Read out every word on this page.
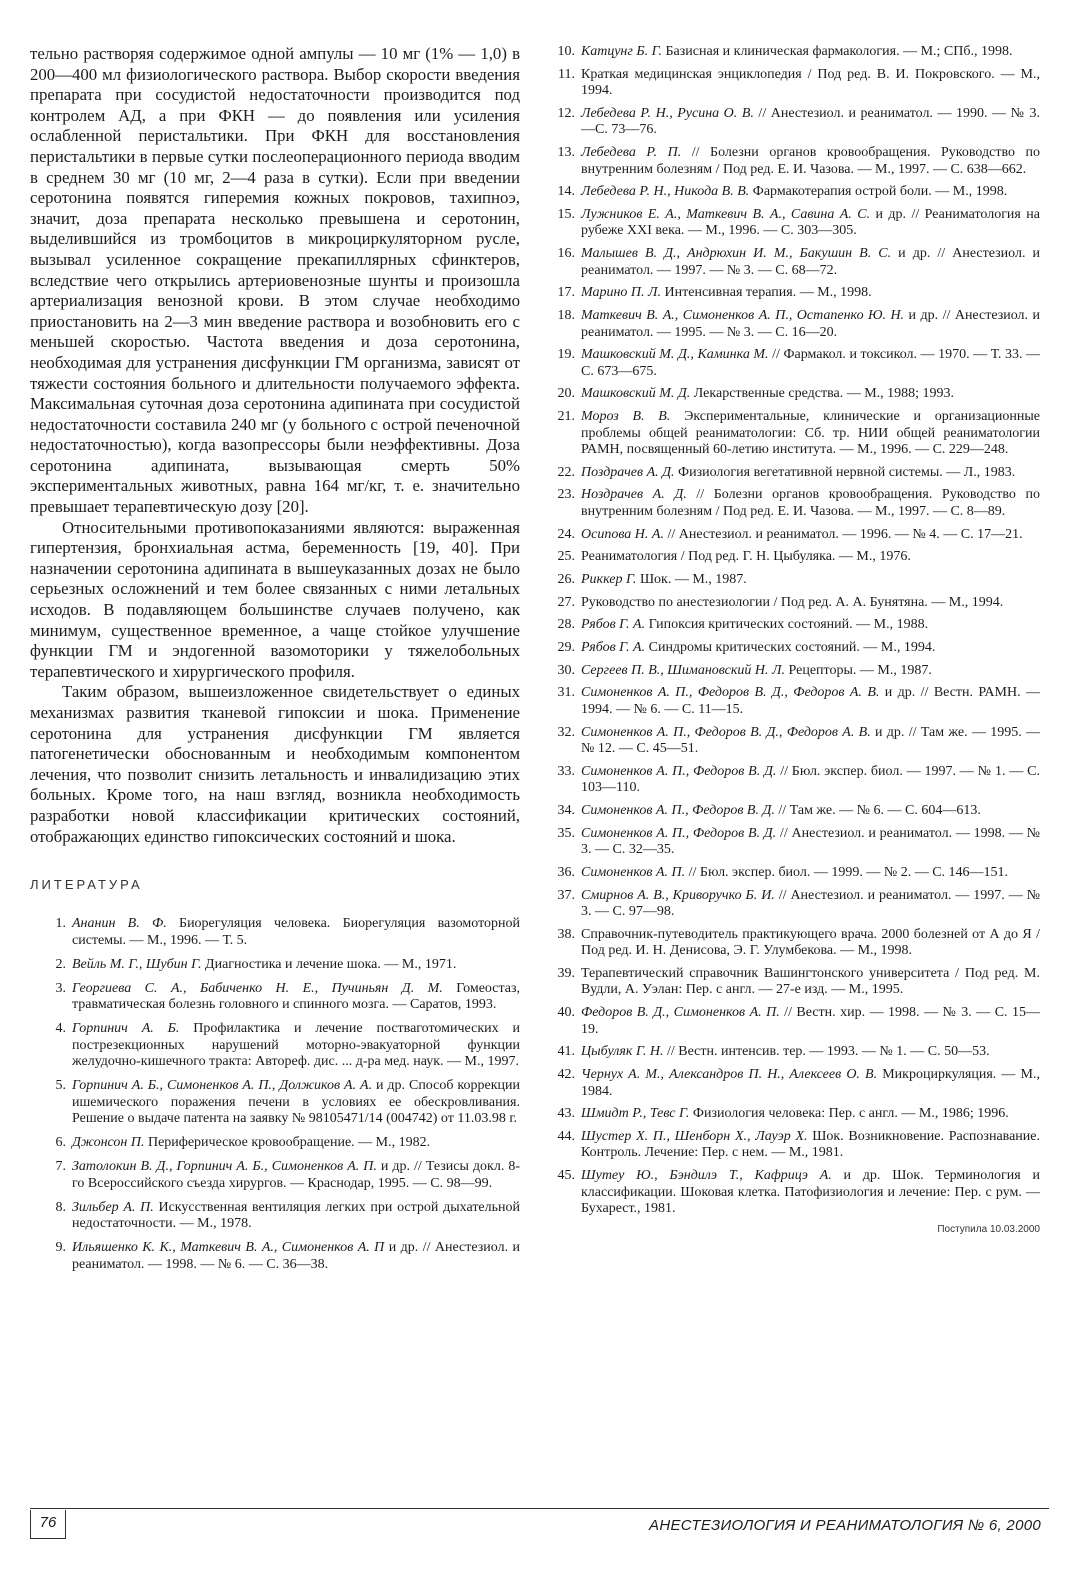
тельно растворяя содержимое одной ампулы — 10 мг (1% — 1,0) в 200—400 мл физиологического раствора. Выбор скорости введения препарата при сосудистой недостаточности производится под контролем АД, а при ФКН — до появления или усиления ослабленной перистальтики. При ФКН для восстановления перистальтики в первые сутки послеоперационного периода вводим в среднем 30 мг (10 мг, 2—4 раза в сутки). Если при введении серотонина появятся гиперемия кожных покровов, тахипноэ, значит, доза препарата несколько превышена и серотонин, выделившийся из тромбоцитов в микроциркуляторном русле, вызывал усиленное сокращение прекапиллярных сфинктеров, вследствие чего открылись артериовенозные шунты и произошла артериализация венозной крови. В этом случае необходимо приостановить на 2—3 мин введение раствора и возобновить его с меньшей скоростью. Частота введения и доза серотонина, необходимая для устранения дисфункции ГМ организма, зависят от тяжести состояния больного и длительности получаемого эффекта. Максимальная суточная доза серотонина адипината при сосудистой недостаточности составила 240 мг (у больного с острой печеночной недостаточностью), когда вазопрессоры были неэффективны. Доза серотонина адипината, вызывающая смерть 50% экспериментальных животных, равна 164 мг/кг, т. е. значительно превышает терапевтическую дозу [20].

Относительными противопоказаниями являются: выраженная гипертензия, бронхиальная астма, беременность [19, 40]. При назначении серотонина адипината в вышеуказанных дозах не было серьезных осложнений и тем более связанных с ними летальных исходов. В подавляющем большинстве случаев получено, как минимум, существенное временное, а чаще стойкое улучшение функции ГМ и эндогенной вазомоторики у тяжелобольных терапевтического и хирургического профиля.

Таким образом, вышеизложенное свидетельствует о единых механизмах развития тканевой гипоксии и шока. Применение серотонина для устранения дисфункции ГМ является патогенетически обоснованным и необходимым компонентом лечения, что позволит снизить летальность и инвалидизацию этих больных. Кроме того, на наш взгляд, возникла необходимость разработки новой классификации критических состояний, отображающих единство гипоксических состояний и шока.

ЛИТЕРАТУРА
1. Ананин В. Ф. Биорегуляция человека. Биорегуляция вазомоторной системы. — М., 1996. — Т. 5.
2. Вейль М. Г., Шубин Г. Диагностика и лечение шока. — М., 1971.
3. Георгиева С. А., Бабиченко Н. Е., Пучиньян Д. М. Гомеостаз, травматическая болезнь головного и спинного мозга. — Саратов, 1993.
4. Горпинич А. Б. Профилактика и лечение постваготомических и пострезекционных нарушений моторно-эвакуаторной функции желудочно-кишечного тракта: Автореф. дис. ... д-ра мед. наук. — М., 1997.
5. Горпинич А. Б., Симоненков А. П., Должиков А. А. и др. Способ коррекции ишемического поражения печени в условиях ее обескровливания. Решение о выдаче патента на заявку № 98105471/14 (004742) от 11.03.98 г.
6. Джонсон П. Периферическое кровообращение. — М., 1982.
7. Затолокин В. Д., Горпинич А. Б., Симоненков А. П. и др. // Тезисы докл. 8-го Всероссийского съезда хирургов. — Краснодар, 1995. — С. 98—99.
8. Зильбер А. П. Искусственная вентиляция легких при острой дыхательной недостаточности. — М., 1978.
9. Ильяшенко К. К., Маткевич В. А., Симоненков А. П и др. // Анестезиол. и реаниматол. — 1998. — № 6. — С. 36—38.
10. Катцунг Б. Г. Базисная и клиническая фармакология. — М.; СПб., 1998.
11. Краткая медицинская энциклопедия / Под ред. В. И. Покровского. — М., 1994.
12. Лебедева Р. Н., Русина О. В. // Анестезиол. и реаниматол. — 1990. — № 3. —С. 73—76.
13. Лебедева Р. П. // Болезни органов кровообращения. Руководство по внутренним болезням / Под ред. Е. И. Чазова. — М., 1997. — С. 638—662.
14. Лебедева Р. Н., Никода В. В. Фармакотерапия острой боли. — М., 1998.
15. Лужников Е. А., Маткевич В. А., Савина А. С. и др. // Реаниматология на рубеже XXI века. — М., 1996. — С. 303—305.
16. Малышев В. Д., Андрюхин И. М., Бакушин В. С. и др. // Анестезиол. и реаниматол. — 1997. — № 3. — С. 68—72.
17. Марино П. Л. Интенсивная терапия. — М., 1998.
18. Маткевич В. А., Симоненков А. П., Остапенко Ю. Н. и др. // Анестезиол. и реаниматол. — 1995. — № 3. — С. 16—20.
19. Машковский М. Д., Каминка М. // Фармакол. и токсикол. — 1970. — Т. 33. — С. 673—675.
20. Машковский М. Д. Лекарственные средства. — М., 1988; 1993.
21. Мороз В. В. Экспериментальные, клинические и организационные проблемы общей реаниматологии: Сб. тр. НИИ общей реаниматологии РАМН, посвященный 60-летию института. — М., 1996. — С. 229—248.
22. Поздрачев А. Д. Физиология вегетативной нервной системы. — Л., 1983.
23. Ноздрачев А. Д. // Болезни органов кровообращения. Руководство по внутренним болезням / Под ред. Е. И. Чазова. — М., 1997. — С. 8—89.
24. Осипова Н. А. // Анестезиол. и реаниматол. — 1996. — № 4. — С. 17—21.
25. Реаниматология / Под ред. Г. Н. Цыбуляка. — М., 1976.
26. Риккер Г. Шок. — М., 1987.
27. Руководство по анестезиологии / Под ред. А. А. Бунятяна. — М., 1994.
28. Рябов Г. А. Гипоксия критических состояний. — М., 1988.
29. Рябов Г. А. Синдромы критических состояний. — М., 1994.
30. Сергеев П. В., Шимановский Н. Л. Рецепторы. — М., 1987.
31. Симоненков А. П., Федоров В. Д., Федоров А. В. и др. // Вестн. РАМН. — 1994. — № 6. — С. 11—15.
32. Симоненков А. П., Федоров В. Д., Федоров А. В. и др. // Там же. — 1995. — № 12. — С. 45—51.
33. Симоненков А. П., Федоров В. Д. // Бюл. экспер. биол. — 1997. — № 1. — С. 103—110.
34. Симоненков А. П., Федоров В. Д. // Там же. — № 6. — С. 604—613.
35. Симоненков А. П., Федоров В. Д. // Анестезиол. и реаниматол. — 1998. — № 3. — С. 32—35.
36. Симоненков А. П. // Бюл. экспер. биол. — 1999. — № 2. — С. 146—151.
37. Смирнов А. В., Криворучко Б. И. // Анестезиол. и реаниматол. — 1997. — № 3. — С. 97—98.
38. Справочник-путеводитель практикующего врача. 2000 болезней от А до Я / Под ред. И. Н. Денисова, Э. Г. Улумбекова. — М., 1998.
39. Терапевтический справочник Вашингтонского университета / Под ред. М. Вудли, А. Уэлан: Пер. с англ. — 27-е изд. — М., 1995.
40. Федоров В. Д., Симоненков А. П. // Вестн. хир. — 1998. — № 3. — С. 15—19.
41. Цыбуляк Г. Н. // Вестн. интенсив. тер. — 1993. — № 1. — С. 50—53.
42. Чернух А. М., Александров П. Н., Алексеев О. В. Микроциркуляция. — М., 1984.
43. Шмидт Р., Тевс Г. Физиология человека: Пер. с англ. — М., 1986; 1996.
44. Шустер Х. П., Шенборн Х., Лауэр Х. Шок. Возникновение. Распознавание. Контроль. Лечение: Пер. с нем. — М., 1981.
45. Шутеу Ю., Бэндилэ Т., Кафрицэ А. и др. Шок. Терминология и классификации. Шоковая клетка. Патофизиология и лечение: Пер. с рум. — Бухарест., 1981.
Поступила 10.03.2000
76	АНЕСТЕЗИОЛОГИЯ И РЕАНИМАТОЛОГИЯ № 6, 2000
